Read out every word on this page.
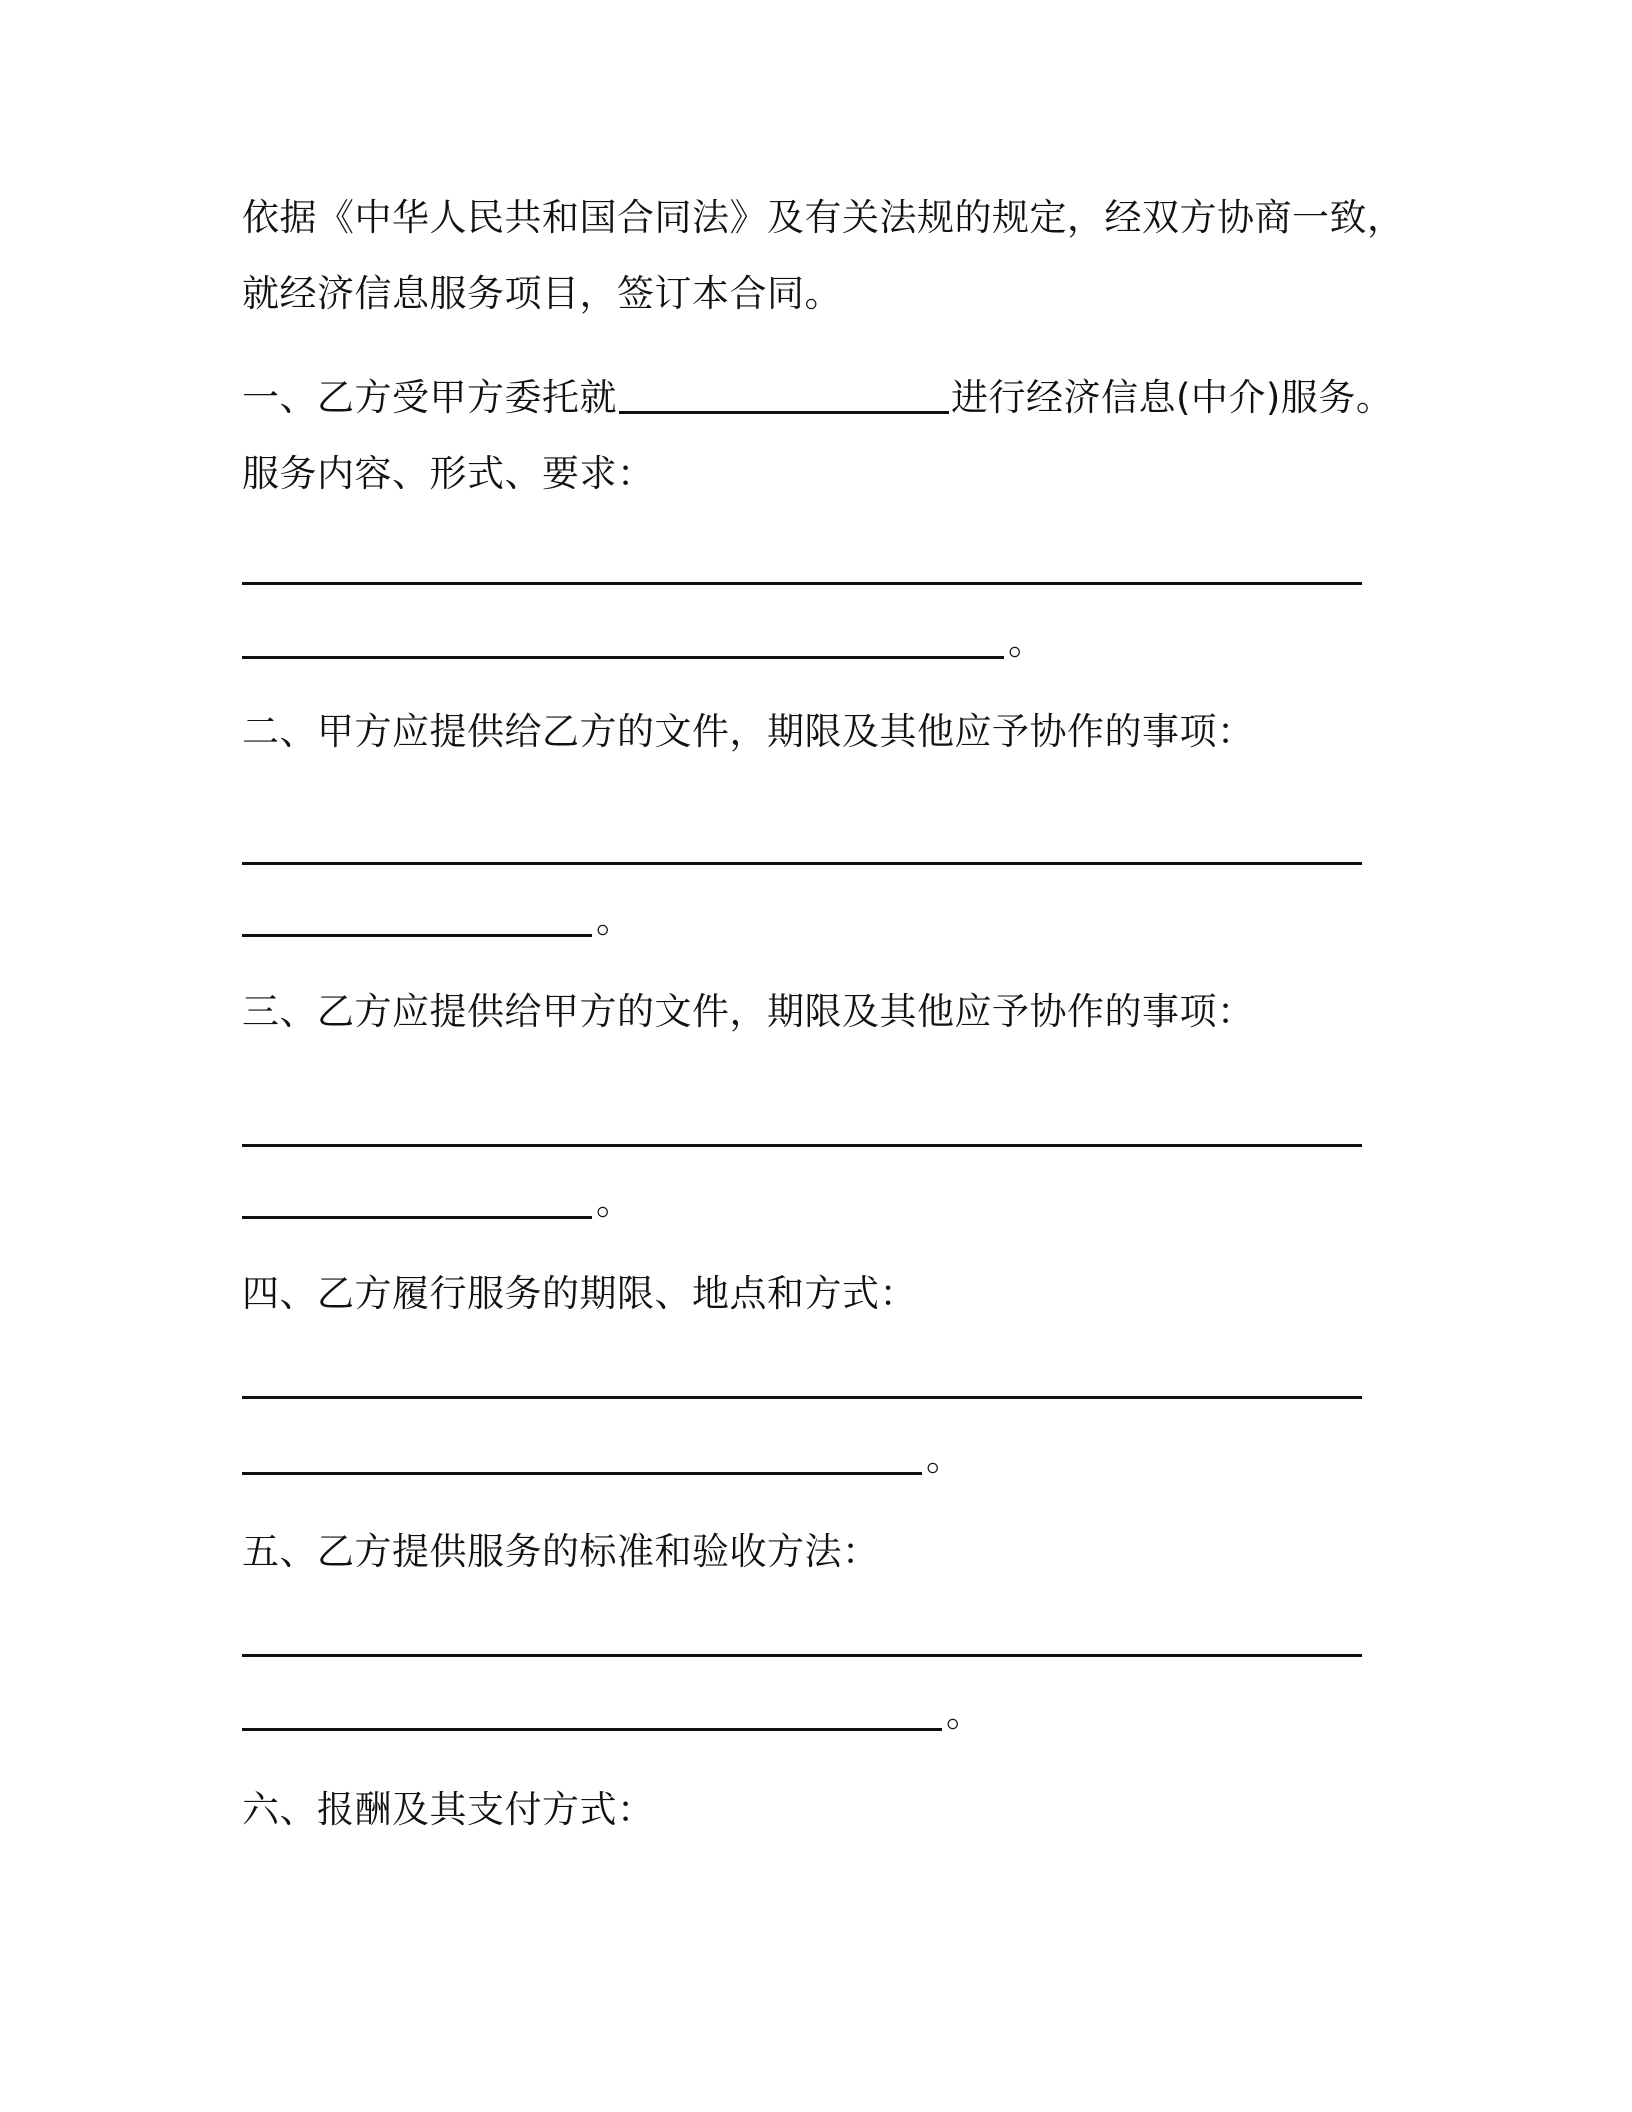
依据《中华人民共和国合同法》及有关法规的规定，经双方协商一致，
就经济信息服务项目，签订本合同。
一、乙方受甲方委托就	进行经济信息(中介)服务。
服务内容、形式、要求：
。
二、甲方应提供给乙方的文件，期限及其他应予协作的事项：
。
三、乙方应提供给甲方的文件，期限及其他应予协作的事项：
。
四、乙方履行服务的期限、地点和方式：
。
五、乙方提供服务的标准和验收方法：
。
六、报酬及其支付方式：
